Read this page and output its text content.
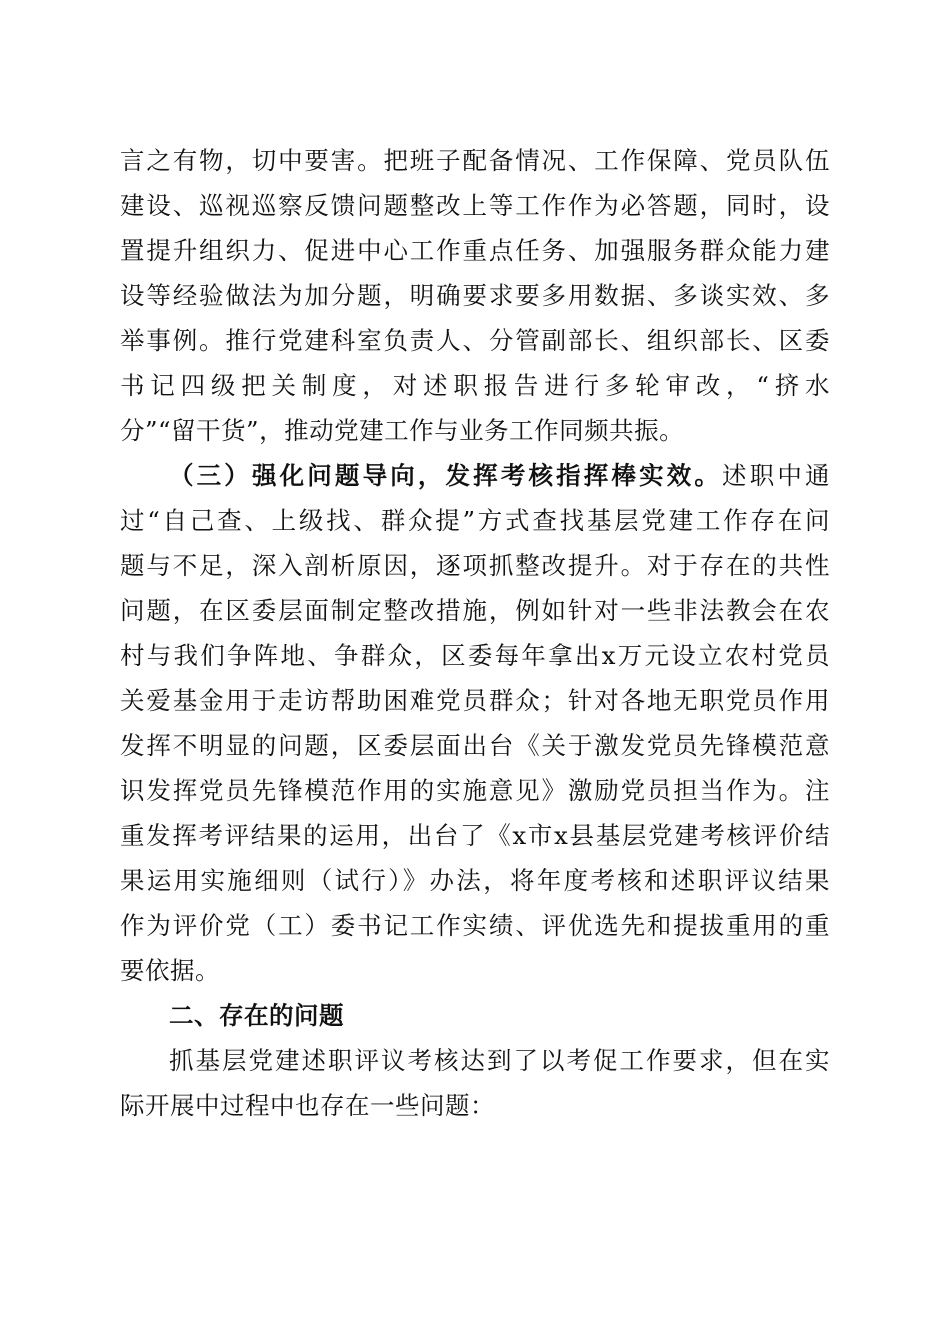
言之有物，切中要害。把班子配备情况、工作保障、党员队伍
建设、巡视巡察反馈问题整改上等工作作为必答题，同时，设
置提升组织力、促进中心工作重点任务、加强服务群众能力建
设等经验做法为加分题，明确要求要多用数据、多谈实效、多
举事例。推行党建科室负责人、分管副部长、组织部长、区委
书记四级把关制度，对述职报告进行多轮审改，“挤水
分”“留干货”，推动党建工作与业务工作同频共振。
（三）强化问题导向，发挥考核指挥棒实效。述职中通
过“自己查、上级找、群众提”方式查找基层党建工作存在问
题与不足，深入剖析原因，逐项抓整改提升。对于存在的共性
问题，在区委层面制定整改措施，例如针对一些非法教会在农
村与我们争阵地、争群众，区委每年拿出x万元设立农村党员
关爱基金用于走访帮助困难党员群众；针对各地无职党员作用
发挥不明显的问题，区委层面出台《关于激发党员先锋模范意
识发挥党员先锋模范作用的实施意见》激励党员担当作为。注
重发挥考评结果的运用，出台了《x市x县基层党建考核评价结
果运用实施细则（试行）》办法，将年度考核和述职评议结果
作为评价党（工）委书记工作实绩、评优选先和提拔重用的重
要依据。
二、存在的问题
抓基层党建述职评议考核达到了以考促工作要求，但在实
际开展中过程中也存在一些问题：
